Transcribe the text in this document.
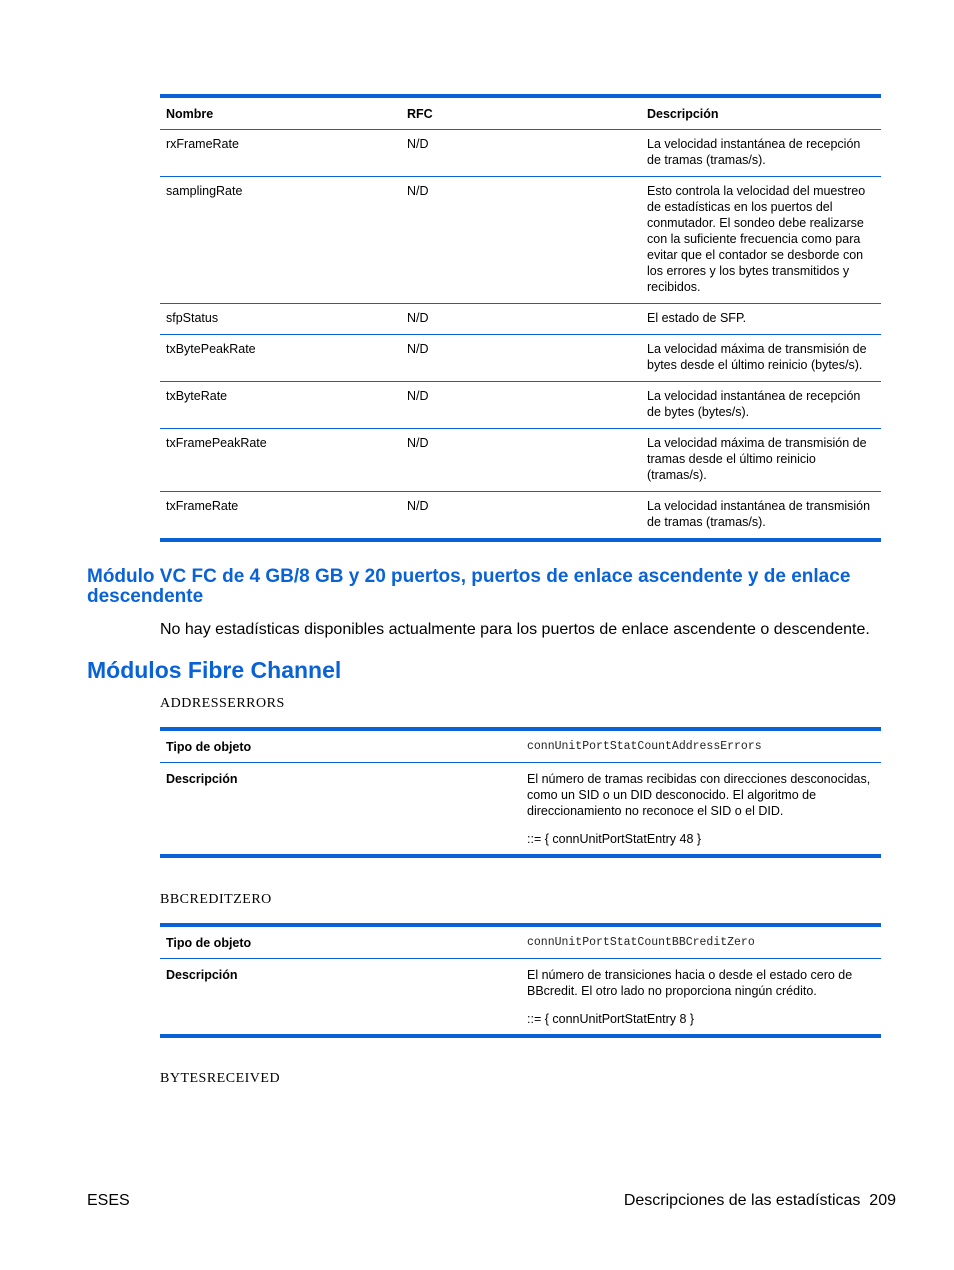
Nombre	RFC	Descripción
rxFrameRate	N/D	La velocidad instantánea de recepción de tramas (tramas/s).
samplingRate	N/D	Esto controla la velocidad del muestreo de estadísticas en los puertos del conmutador. El sondeo debe realizarse con la suficiente frecuencia como para evitar que el contador se desborde con los errores y los bytes transmitidos y recibidos.
sfpStatus	N/D	El estado de SFP.
txBytePeakRate	N/D	La velocidad máxima de transmisión de bytes desde el último reinicio (bytes/s).
txByteRate	N/D	La velocidad instantánea de recepción de bytes (bytes/s).
txFramePeakRate	N/D	La velocidad máxima de transmisión de tramas desde el último reinicio (tramas/s).
txFrameRate	N/D	La velocidad instantánea de transmisión de tramas (tramas/s).
Módulo VC FC de 4 GB/8 GB y 20 puertos, puertos de enlace ascendente y de enlace descendente

No hay estadísticas disponibles actualmente para los puertos de enlace ascendente o descendente.

Módulos Fibre Channel

ADDRESSERRORS

Tipo de objeto	connUnitPortStatCountAddressErrors
Descripción	El número de tramas recibidas con direcciones desconocidas, como un SID o un DID desconocido. El algoritmo de direccionamiento no reconoce el SID o el DID.

::= { connUnitPortStatEntry 48 }

BBCREDITZERO

Tipo de objeto	connUnitPortStatCountBBCreditZero
Descripción	El número de transiciones hacia o desde el estado cero de BBcredit. El otro lado no proporciona ningún crédito.

::= { connUnitPortStatEntry 8 }

BYTESRECEIVED

ESES	Descripciones de las estadísticas 209
